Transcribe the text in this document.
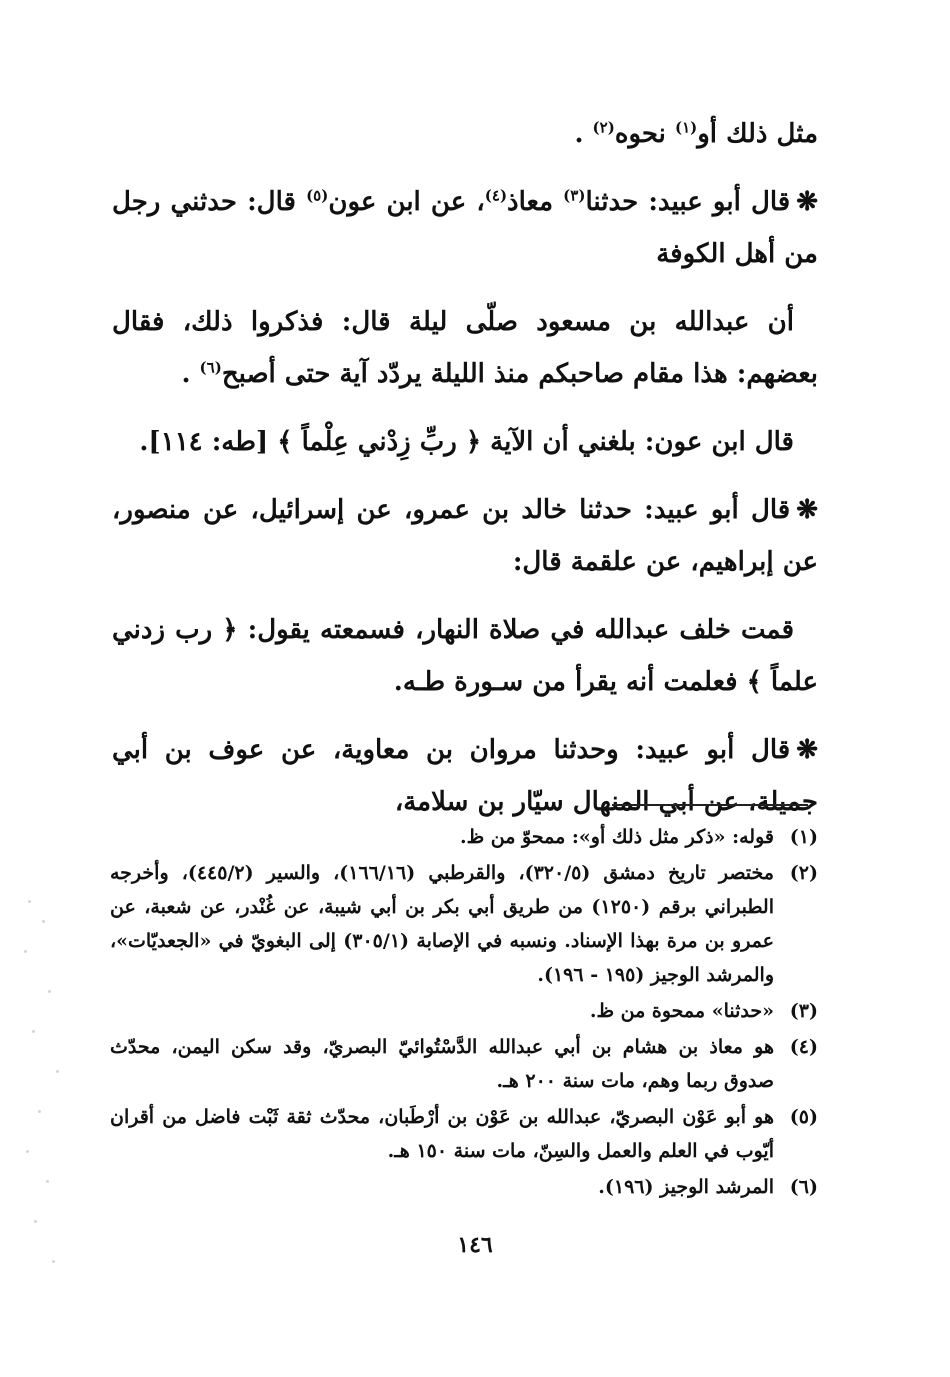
مثل ذلك أو$^{(١)}$ نحوه$^{(٢)}$ .

❋قال أبو عبيد: حدثنا$^{(٣)}$ معاذ$^{(٤)}$، عن ابن عون$^{(٥)}$ قال: حدثني رجل من أهل الكوفة

أن عبدالله بن مسعود صلّى ليلة قال: فذكروا ذلك، فقال بعضهم: هذا مقام صاحبكم منذ الليلة يردّد آية حتى أصبح$^{(٦)}$ .

قال ابن عون: بلغني أن الآية ﴿ ربِّ زِدْني عِلْماً ﴾ [طه: ١١٤].

❋قال أبو عبيد: حدثنا خالد بن عمرو، عن إسرائيل، عن منصور، عن إبراهيم، عن علقمة قال:

قمت خلف عبدالله في صلاة النهار، فسمعته يقول: ﴿ رب زدني علماً ﴾ فعلمت أنه يقرأ من سـورة طـه.

❋قال أبو عبيد: وحدثنا مروان بن معاوية، عن عوف بن أبي جميلة، عن أبي المنهال سيّار بن سلامة،

(١)
قوله: «ذكر مثل ذلك أو»: ممحوّ من ظ.
(٢)
مختصر تاريخ دمشق (٣٢٠/٥)، والقرطبي (١٦٦/١٦)، والسير (٤٤٥/٢)، وأخرجه الطبراني برقم (١٢٥٠) من طريق أبي بكر بن أبي شيبة، عن غُنْدر، عن شعبة، عن عمرو بن مرة بهذا الإسناد. ونسبه في الإصابة (٣٠٥/١) إلى البغويّ في «الجعديّات»، والمرشد الوجيز (١٩٥ - ١٩٦).
(٣)
«حدثنا» ممحوة من ظ.
(٤)
هو معاذ بن هشام بن أبي عبدالله الدَّسْتُوائيّ البصريّ، وقد سكن اليمن، محدّث صدوق ربما وهم، مات سنة ٢٠٠ هـ.
(٥)
هو أبو عَوْن البصريّ، عبدالله بن عَوْن بن أرْطَبان، محدّث ثقة ثَبْت فاضل من أقران أيّوب في العلم والعمل والسِنّ، مات سنة ١٥٠ هـ.
(٦)
المرشد الوجيز (١٩٦).
١٤٦
